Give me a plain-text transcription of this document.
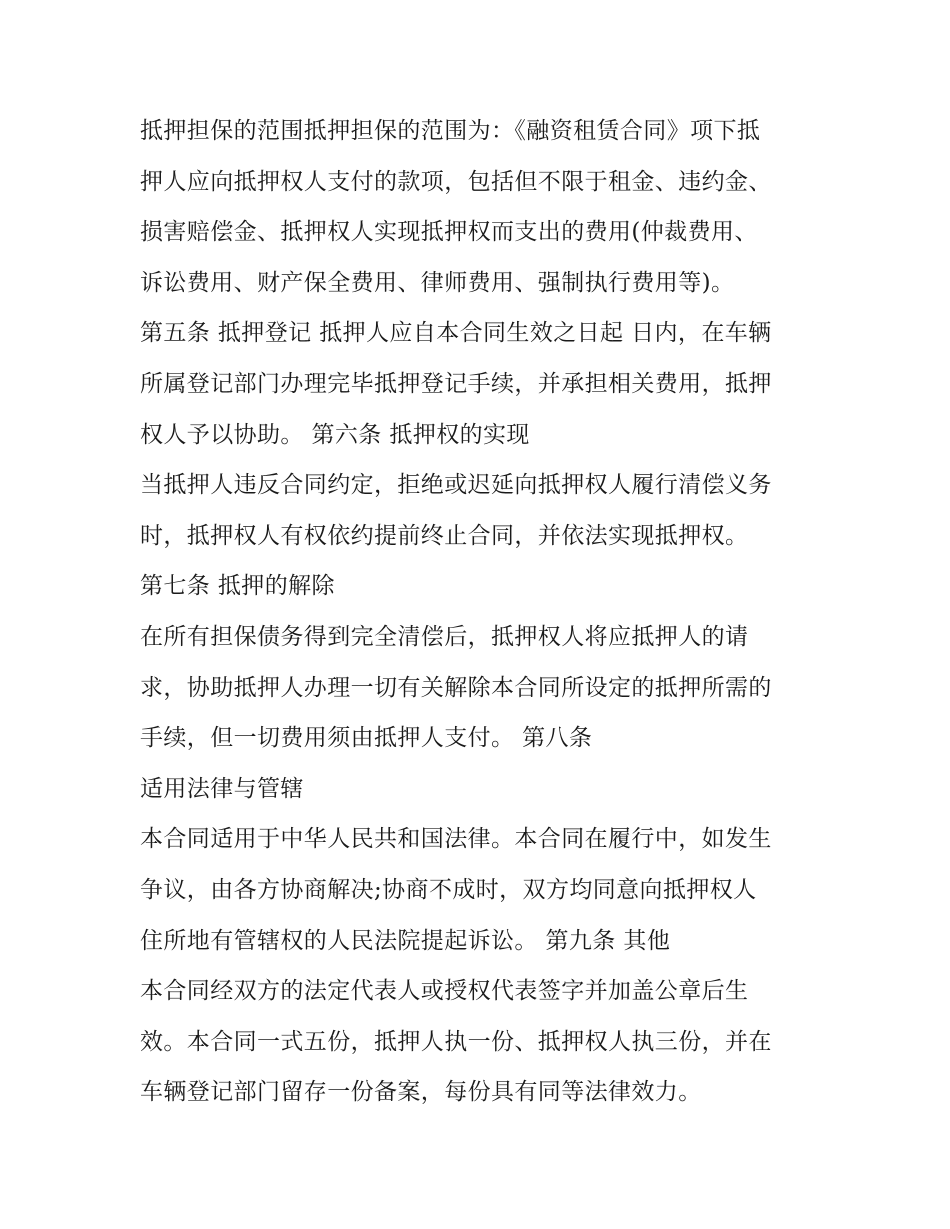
抵押担保的范围抵押担保的范围为：《融资租赁合同》项下抵
押人应向抵押权人支付的款项，包括但不限于租金、违约金、
损害赔偿金、抵押权人实现抵押权而支出的费用(仲裁费用、
诉讼费用、财产保全费用、律师费用、强制执行费用等)。
第五条 抵押登记 抵押人应自本合同生效之日起 日内，在车辆
所属登记部门办理完毕抵押登记手续，并承担相关费用，抵押
权人予以协助。 第六条 抵押权的实现
当抵押人违反合同约定，拒绝或迟延向抵押权人履行清偿义务
时，抵押权人有权依约提前终止合同，并依法实现抵押权。
第七条 抵押的解除
在所有担保债务得到完全清偿后，抵押权人将应抵押人的请
求，协助抵押人办理一切有关解除本合同所设定的抵押所需的
手续，但一切费用须由抵押人支付。 第八条
适用法律与管辖
本合同适用于中华人民共和国法律。本合同在履行中，如发生
争议，由各方协商解决;协商不成时，双方均同意向抵押权人
住所地有管辖权的人民法院提起诉讼。 第九条 其他
本合同经双方的法定代表人或授权代表签字并加盖公章后生
效。本合同一式五份，抵押人执一份、抵押权人执三份，并在
车辆登记部门留存一份备案，每份具有同等法律效力。
